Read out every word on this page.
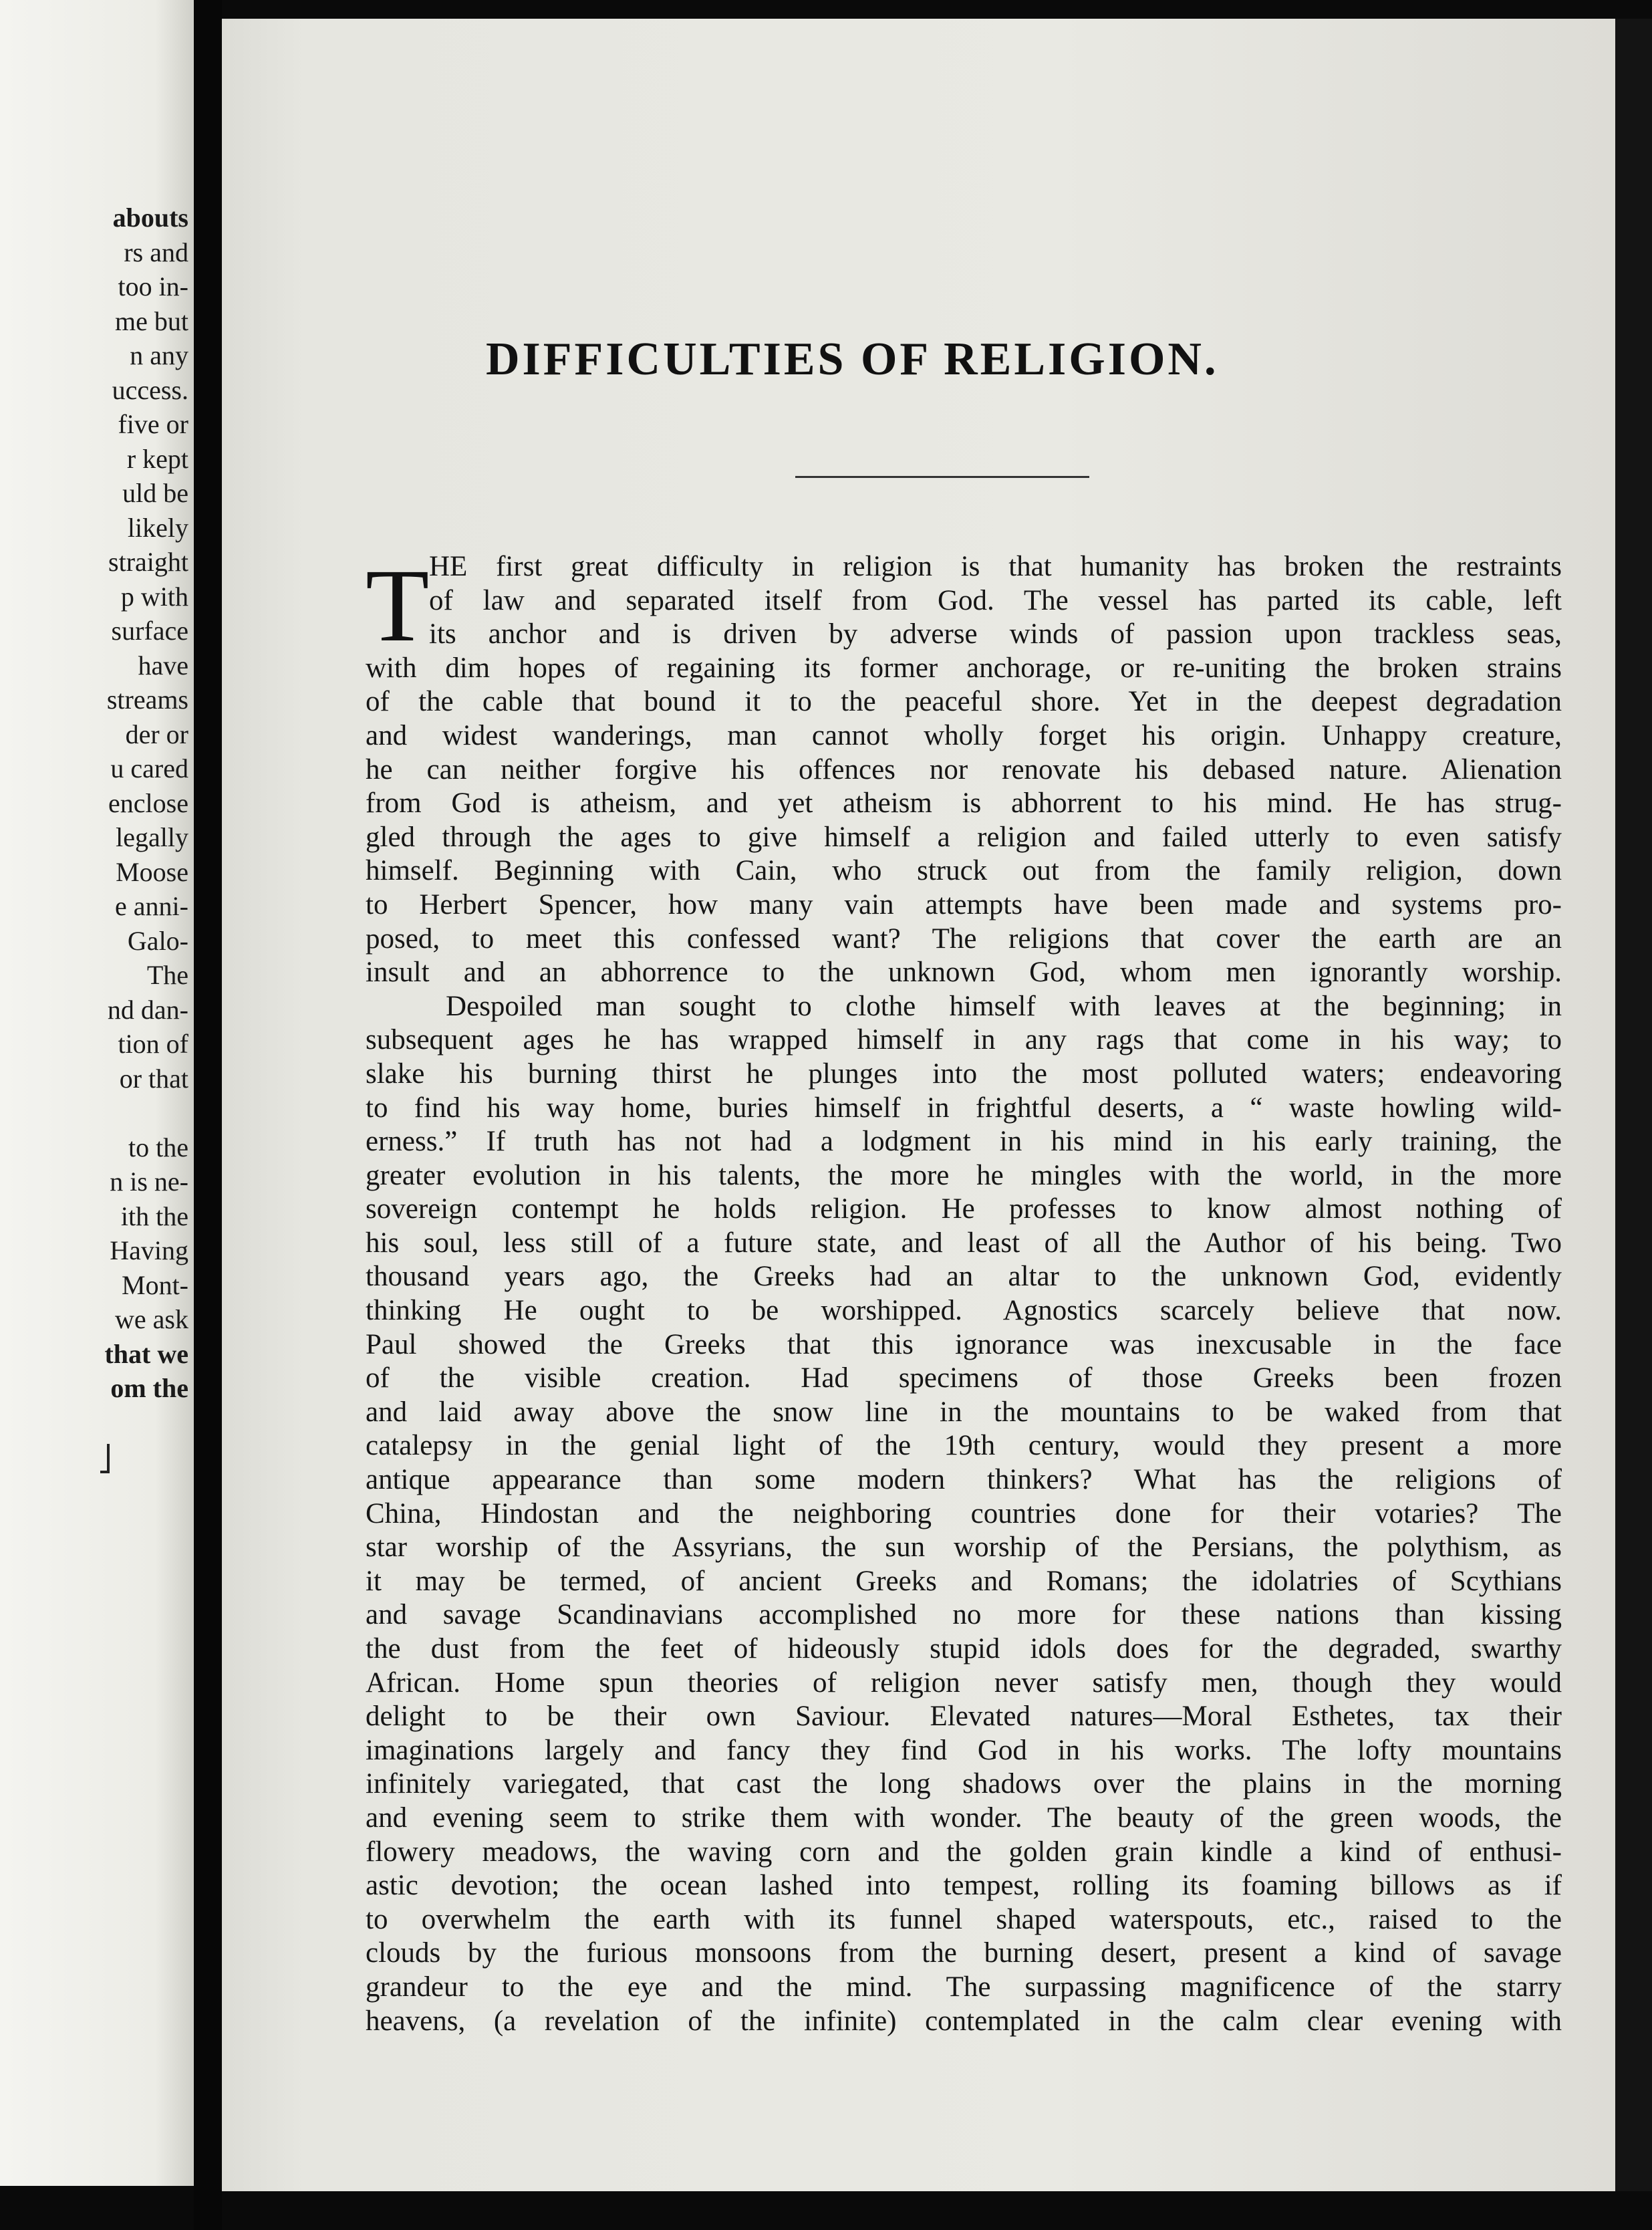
abouts
rs and
too in-
me but
n any
uccess.
five or
r kept
uld be
likely
straight
p with
surface
have
streams
der or
u cared
enclose
legally
Moose
e anni-
Galo-
The
nd dan-
tion of
or that
to the
n is ne-
ith the
Having
Mont-
we ask
that we
om the
DIFFICULTIES OF RELIGION.
T HE first great difficulty in religion is that humanity has broken the restraints
of law and separated itself from God. The vessel has parted its cable, left
its anchor and is driven by adverse winds of passion upon trackless seas,
with dim hopes of regaining its former anchorage, or re-uniting the broken strains
of the cable that bound it to the peaceful shore. Yet in the deepest degradation
and widest wanderings, man cannot wholly forget his origin. Unhappy creature,
he can neither forgive his offences nor renovate his debased nature. Alienation
from God is atheism, and yet atheism is abhorrent to his mind. He has strug-
gled through the ages to give himself a religion and failed utterly to even satisfy
himself. Beginning with Cain, who struck out from the family religion, down
to Herbert Spencer, how many vain attempts have been made and systems pro-
posed, to meet this confessed want? The religions that cover the earth are an
insult and an abhorrence to the unknown God, whom men ignorantly worship.
Despoiled man sought to clothe himself with leaves at the beginning; in
subsequent ages he has wrapped himself in any rags that come in his way; to
slake his burning thirst he plunges into the most polluted waters; endeavoring
to find his way home, buries himself in frightful deserts, a “ waste howling wild-
erness.” If truth has not had a lodgment in his mind in his early training, the
greater evolution in his talents, the more he mingles with the world, in the more
sovereign contempt he holds religion. He professes to know almost nothing of
his soul, less still of a future state, and least of all the Author of his being. Two
thousand years ago, the Greeks had an altar to the unknown God, evidently
thinking He ought to be worshipped. Agnostics scarcely believe that now.
Paul showed the Greeks that this ignorance was inexcusable in the face
of the visible creation. Had specimens of those Greeks been frozen
and laid away above the snow line in the mountains to be waked from that
catalepsy in the genial light of the 19th century, would they present a more
antique appearance than some modern thinkers? What has the religions of
China, Hindostan and the neighboring countries done for their votaries? The
star worship of the Assyrians, the sun worship of the Persians, the polythism, as
it may be termed, of ancient Greeks and Romans; the idolatries of Scythians
and savage Scandinavians accomplished no more for these nations than kissing
the dust from the feet of hideously stupid idols does for the degraded, swarthy
African. Home spun theories of religion never satisfy men, though they would
delight to be their own Saviour. Elevated natures—Moral Esthetes, tax their
imaginations largely and fancy they find God in his works. The lofty mountains
infinitely variegated, that cast the long shadows over the plains in the morning
and evening seem to strike them with wonder. The beauty of the green woods, the
flowery meadows, the waving corn and the golden grain kindle a kind of enthusi-
astic devotion; the ocean lashed into tempest, rolling its foaming billows as if
to overwhelm the earth with its funnel shaped waterspouts, etc., raised to the
clouds by the furious monsoons from the burning desert, present a kind of savage
grandeur to the eye and the mind. The surpassing magnificence of the starry
heavens, (a revelation of the infinite) contemplated in the calm clear evening with
